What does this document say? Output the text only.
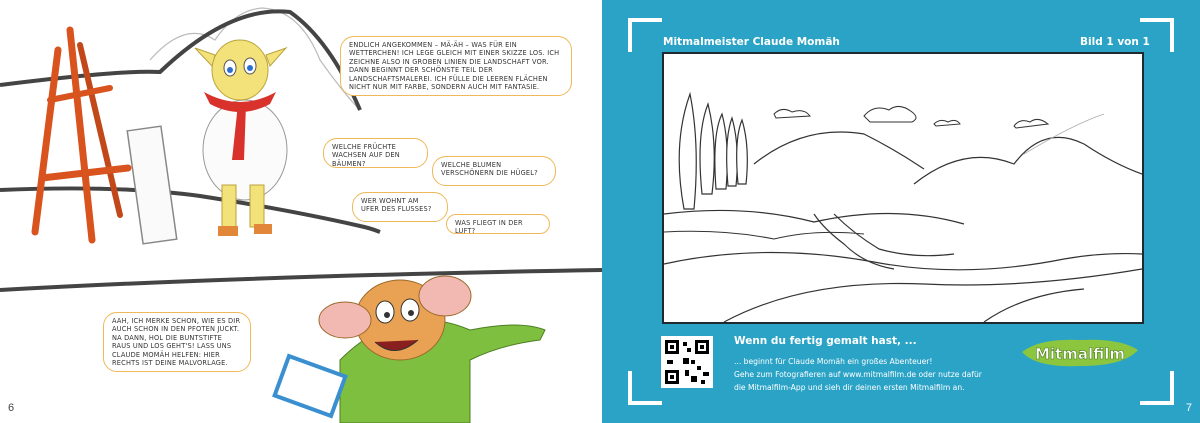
ENDLICH ANGEKOMMEN – MÄ-ÄH – WAS FÜR EIN WETTERCHEN! ICH LEGE GLEICH MIT EINER SKIZZE LOS. ICH ZEICHNE ALSO IN GROBEN LINIEN DIE LANDSCHAFT VOR. DANN BEGINNT DER SCHÖNSTE TEIL DER LANDSCHAFTSMALEREI. ICH FÜLLE DIE LEEREN FLÄCHEN NICHT NUR MIT FARBE, SONDERN AUCH MIT FANTASIE.
WELCHE FRÜCHTE WACHSEN AUF DEN BÄUMEN?	WELCHE BLUMEN VERSCHÖNERN DIE HÜGEL?
WER WOHNT AM UFER DES FLUSSES?
WAS FLIEGT IN DER LUFT?
AAH, ICH MERKE SCHON, WIE ES DIR AUCH SCHON IN DEN PFOTEN JUCKT. NA DANN, HOL DIE BUNTSTIFTE RAUS UND LOS GEHT'S! LASS UNS CLAUDE MOMÄH HELFEN: HIER RECHTS IST DEINE MALVORLAGE.
6	7
Mitmalmeister Claude Momäh	Bild 1 von 1
Wenn du fertig gemalt hast, ...
... beginnt für Claude Momäh ein großes Abenteuer!
Gehe zum Fotografieren auf www.mitmalfilm.de oder nutze dafür
die Mitmalfilm-App und sieh dir deinen ersten Mitmalfilm an.
Mitmalfilm
